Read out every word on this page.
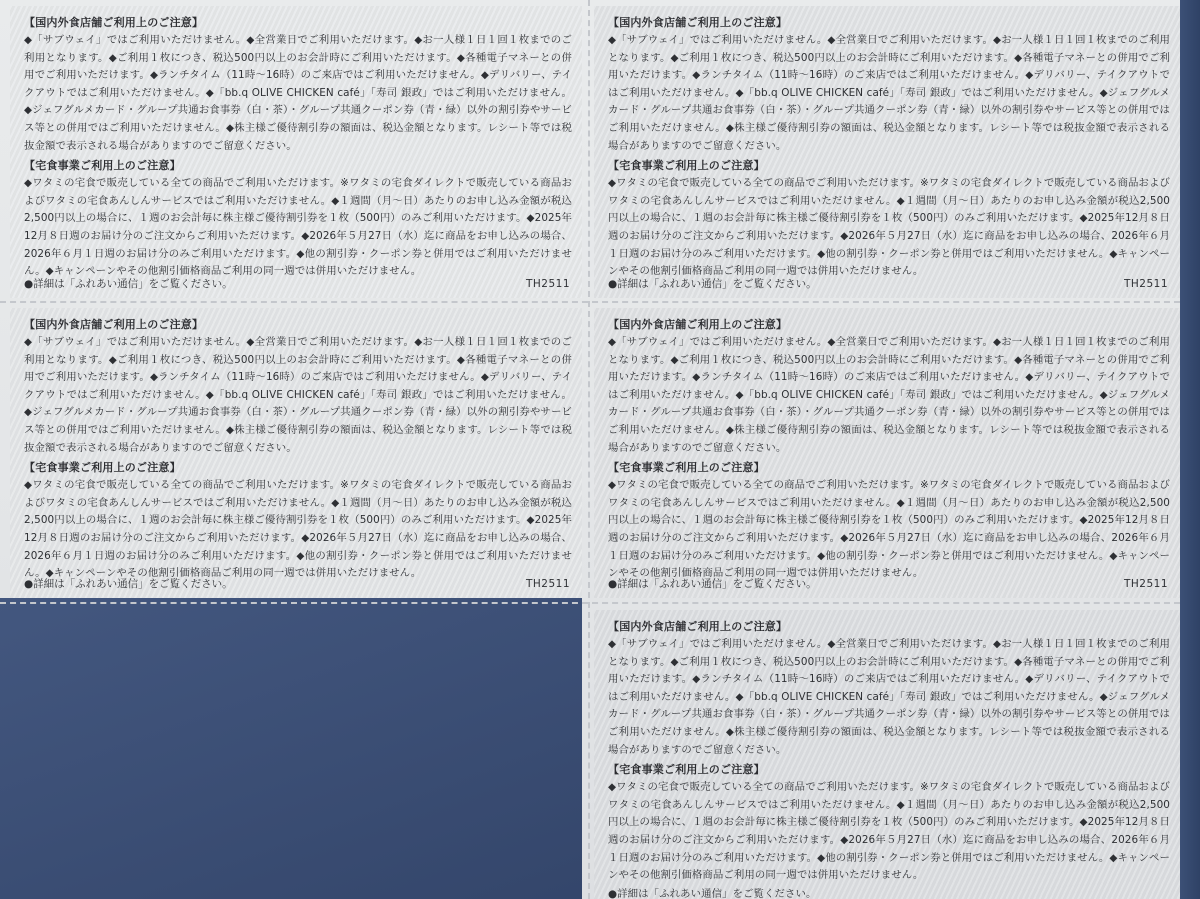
【国内外食店舗ご利用上のご注意】

◆「サブウェイ」ではご利用いただけません。◆全営業日でご利用いただけます。◆お一人様１日１回１枚までのご利用となります。◆ご利用１枚につき、税込500円以上のお会計時にご利用いただけます。◆各種電子マネーとの併用でご利用いただけます。◆ランチタイム（11時〜16時）のご来店ではご利用いただけません。◆デリバリー、テイクアウトではご利用いただけません。◆「bb.q OLIVE CHICKEN café」「寿司 銀政」ではご利用いただけません。◆ジェフグルメカード・グループ共通お食事券（白・茶）・グループ共通クーポン券（青・緑）以外の割引券やサービス等との併用ではご利用いただけません。◆株主様ご優待割引券の額面は、税込金額となります。レシート等では税抜金額で表示される場合がありますのでご留意ください。

【宅食事業ご利用上のご注意】

◆ワタミの宅食で販売している全ての商品でご利用いただけます。※ワタミの宅食ダイレクトで販売している商品およびワタミの宅食あんしんサービスではご利用いただけません。◆１週間（月〜日）あたりのお申し込み金額が税込2,500円以上の場合に、１週のお会計毎に株主様ご優待割引券を１枚（500円）のみご利用いただけます。◆2025年12月８日週のお届け分のご注文からご利用いただけます。◆2026年５月27日（水）迄に商品をお申し込みの場合、2026年６月１日週のお届け分のみご利用いただけます。◆他の割引券・クーポン券と併用ではご利用いただけません。◆キャンペーンやその他割引価格商品ご利用の同一週では併用いただけません。

●詳細は「ふれあい通信」をご覧ください。	TH2511
【国内外食店舗ご利用上のご注意】

◆「サブウェイ」ではご利用いただけません。◆全営業日でご利用いただけます。◆お一人様１日１回１枚までのご利用となります。◆ご利用１枚につき、税込500円以上のお会計時にご利用いただけます。◆各種電子マネーとの併用でご利用いただけます。◆ランチタイム（11時〜16時）のご来店ではご利用いただけません。◆デリバリー、テイクアウトではご利用いただけません。◆「bb.q OLIVE CHICKEN café」「寿司 銀政」ではご利用いただけません。◆ジェフグルメカード・グループ共通お食事券（白・茶）・グループ共通クーポン券（青・緑）以外の割引券やサービス等との併用ではご利用いただけません。◆株主様ご優待割引券の額面は、税込金額となります。レシート等では税抜金額で表示される場合がありますのでご留意ください。

【宅食事業ご利用上のご注意】

◆ワタミの宅食で販売している全ての商品でご利用いただけます。※ワタミの宅食ダイレクトで販売している商品およびワタミの宅食あんしんサービスではご利用いただけません。◆１週間（月〜日）あたりのお申し込み金額が税込2,500円以上の場合に、１週のお会計毎に株主様ご優待割引券を１枚（500円）のみご利用いただけます。◆2025年12月８日週のお届け分のご注文からご利用いただけます。◆2026年５月27日（水）迄に商品をお申し込みの場合、2026年６月１日週のお届け分のみご利用いただけます。◆他の割引券・クーポン券と併用ではご利用いただけません。◆キャンペーンやその他割引価格商品ご利用の同一週では併用いただけません。

●詳細は「ふれあい通信」をご覧ください。	TH2511
【国内外食店舗ご利用上のご注意】

◆「サブウェイ」ではご利用いただけません。◆全営業日でご利用いただけます。◆お一人様１日１回１枚までのご利用となります。◆ご利用１枚につき、税込500円以上のお会計時にご利用いただけます。◆各種電子マネーとの併用でご利用いただけます。◆ランチタイム（11時〜16時）のご来店ではご利用いただけません。◆デリバリー、テイクアウトではご利用いただけません。◆「bb.q OLIVE CHICKEN café」「寿司 銀政」ではご利用いただけません。◆ジェフグルメカード・グループ共通お食事券（白・茶）・グループ共通クーポン券（青・緑）以外の割引券やサービス等との併用ではご利用いただけません。◆株主様ご優待割引券の額面は、税込金額となります。レシート等では税抜金額で表示される場合がありますのでご留意ください。

【宅食事業ご利用上のご注意】

◆ワタミの宅食で販売している全ての商品でご利用いただけます。※ワタミの宅食ダイレクトで販売している商品およびワタミの宅食あんしんサービスではご利用いただけません。◆１週間（月〜日）あたりのお申し込み金額が税込2,500円以上の場合に、１週のお会計毎に株主様ご優待割引券を１枚（500円）のみご利用いただけます。◆2025年12月８日週のお届け分のご注文からご利用いただけます。◆2026年５月27日（水）迄に商品をお申し込みの場合、2026年６月１日週のお届け分のみご利用いただけます。◆他の割引券・クーポン券と併用ではご利用いただけません。◆キャンペーンやその他割引価格商品ご利用の同一週では併用いただけません。

●詳細は「ふれあい通信」をご覧ください。	TH2511
【国内外食店舗ご利用上のご注意】

◆「サブウェイ」ではご利用いただけません。◆全営業日でご利用いただけます。◆お一人様１日１回１枚までのご利用となります。◆ご利用１枚につき、税込500円以上のお会計時にご利用いただけます。◆各種電子マネーとの併用でご利用いただけます。◆ランチタイム（11時〜16時）のご来店ではご利用いただけません。◆デリバリー、テイクアウトではご利用いただけません。◆「bb.q OLIVE CHICKEN café」「寿司 銀政」ではご利用いただけません。◆ジェフグルメカード・グループ共通お食事券（白・茶）・グループ共通クーポン券（青・緑）以外の割引券やサービス等との併用ではご利用いただけません。◆株主様ご優待割引券の額面は、税込金額となります。レシート等では税抜金額で表示される場合がありますのでご留意ください。

【宅食事業ご利用上のご注意】

◆ワタミの宅食で販売している全ての商品でご利用いただけます。※ワタミの宅食ダイレクトで販売している商品およびワタミの宅食あんしんサービスではご利用いただけません。◆１週間（月〜日）あたりのお申し込み金額が税込2,500円以上の場合に、１週のお会計毎に株主様ご優待割引券を１枚（500円）のみご利用いただけます。◆2025年12月８日週のお届け分のご注文からご利用いただけます。◆2026年５月27日（水）迄に商品をお申し込みの場合、2026年６月１日週のお届け分のみご利用いただけます。◆他の割引券・クーポン券と併用ではご利用いただけません。◆キャンペーンやその他割引価格商品ご利用の同一週では併用いただけません。

●詳細は「ふれあい通信」をご覧ください。	TH2511
【国内外食店舗ご利用上のご注意】

◆「サブウェイ」ではご利用いただけません。◆全営業日でご利用いただけます。◆お一人様１日１回１枚までのご利用となります。◆ご利用１枚につき、税込500円以上のお会計時にご利用いただけます。◆各種電子マネーとの併用でご利用いただけます。◆ランチタイム（11時〜16時）のご来店ではご利用いただけません。◆デリバリー、テイクアウトではご利用いただけません。◆「bb.q OLIVE CHICKEN café」「寿司 銀政」ではご利用いただけません。◆ジェフグルメカード・グループ共通お食事券（白・茶）・グループ共通クーポン券（青・緑）以外の割引券やサービス等との併用ではご利用いただけません。◆株主様ご優待割引券の額面は、税込金額となります。レシート等では税抜金額で表示される場合がありますのでご留意ください。

【宅食事業ご利用上のご注意】

◆ワタミの宅食で販売している全ての商品でご利用いただけます。※ワタミの宅食ダイレクトで販売している商品およびワタミの宅食あんしんサービスではご利用いただけません。◆１週間（月〜日）あたりのお申し込み金額が税込2,500円以上の場合に、１週のお会計毎に株主様ご優待割引券を１枚（500円）のみご利用いただけます。◆2025年12月８日週のお届け分のご注文からご利用いただけます。◆2026年５月27日（水）迄に商品をお申し込みの場合、2026年６月１日週のお届け分のみご利用いただけます。◆他の割引券・クーポン券と併用ではご利用いただけません。◆キャンペーンやその他割引価格商品ご利用の同一週では併用いただけません。

●詳細は「ふれあい通信」をご覧ください。
